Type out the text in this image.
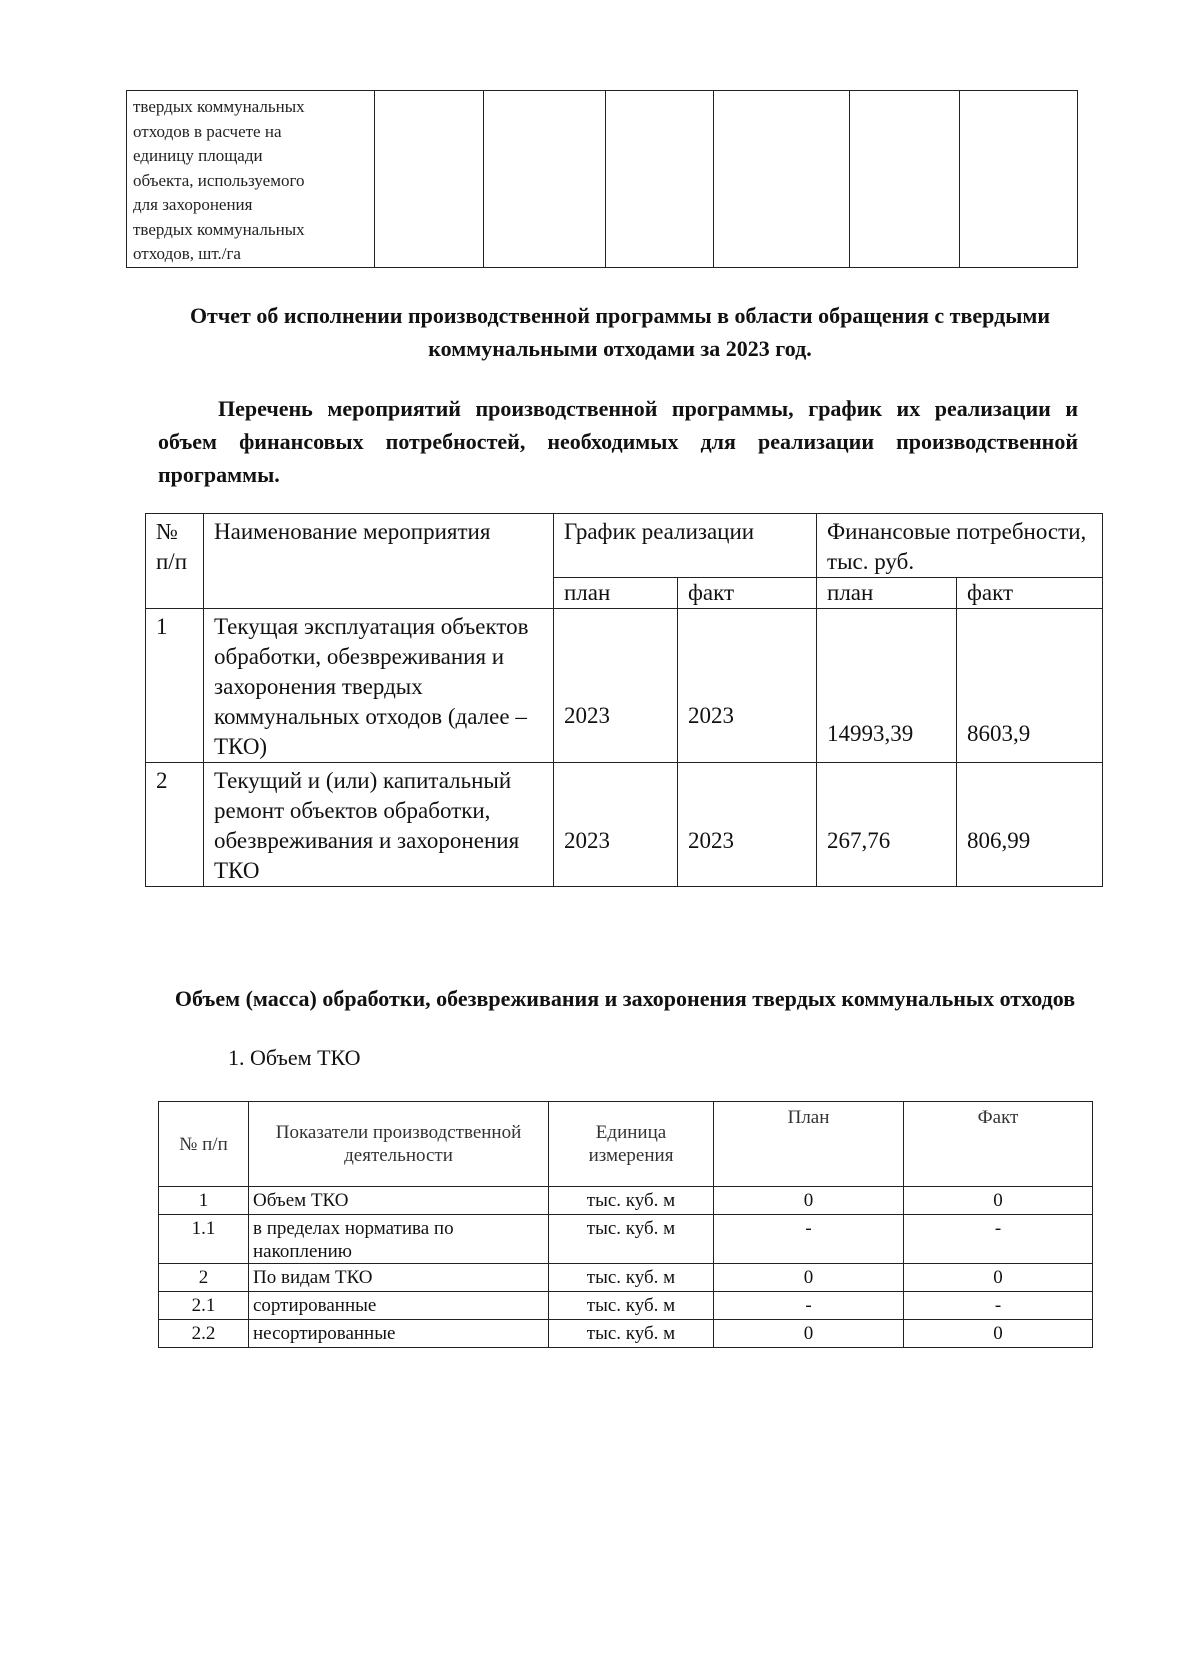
твердых коммунальных
отходов в расчете на
единицу площади
объекта, используемого
для захоронения
твердых коммунальных
отходов, шт./га						
Отчет об исполнении производственной программы в области обращения с твердыми коммунальными отходами за 2023 год.
Перечень мероприятий производственной программы, график их реализации и объем финансовых потребностей, необходимых для реализации производственной программы.
№ п/п	Наименование мероприятия	График реализации		Финансовые потребности, тыс. руб.	
		план	факт	план	факт
1	Текущая эксплуатация объектов обработки, обезвреживания и захоронения твердых коммунальных отходов (далее – ТКО)	2023	2023	14993,39	8603,9
2	Текущий и (или) капитальный ремонт объектов обработки, обезвреживания и захоронения ТКО	2023	2023	267,76	806,99
Объем (масса) обработки, обезвреживания и захоронения твердых коммунальных отходов
1. Объем ТКО
№ п/п	Показатели производственной деятельности	Единица измерения	План	Факт
1	Объем ТКО	тыс. куб. м	0	0
1.1	в пределах норматива по накоплению	тыс. куб. м	-	-
2	По видам ТКО	тыс. куб. м	0	0
2.1	сортированные	тыс. куб. м	-	-
2.2	несортированные	тыс. куб. м	0	0
